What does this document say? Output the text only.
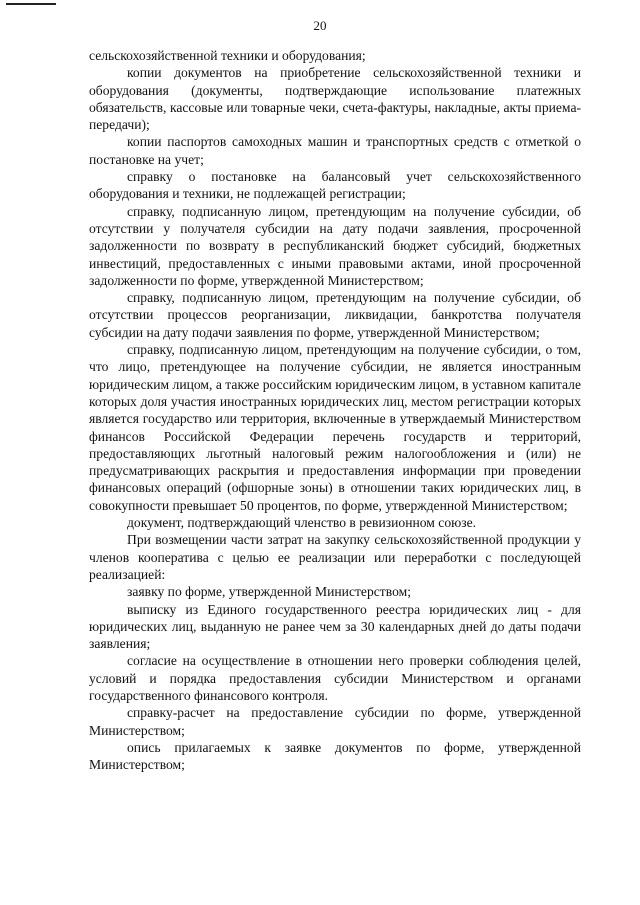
20

сельскохозяйственной техники и оборудования;

копии документов на приобретение сельскохозяйственной техники и оборудования (документы, подтверждающие использование платежных обязательств, кассовые или товарные чеки, счета-фактуры, накладные, акты приема-передачи);

копии паспортов самоходных машин и транспортных средств с отметкой о постановке на учет;

справку о постановке на балансовый учет сельскохозяйственного оборудования и техники, не подлежащей регистрации;

справку, подписанную лицом, претендующим на получение субсидии, об отсутствии у получателя субсидии на дату подачи заявления, просроченной задолженности по возврату в республиканский бюджет субсидий, бюджетных инвестиций, предоставленных с иными правовыми актами, иной просроченной задолженности по форме, утвержденной Министерством;

справку, подписанную лицом, претендующим на получение субсидии, об отсутствии процессов реорганизации, ликвидации, банкротства получателя субсидии на дату подачи заявления по форме, утвержденной Министерством;

справку, подписанную лицом, претендующим на получение субсидии, о том, что лицо, претендующее на получение субсидии, не является иностранным юридическим лицом, а также российским юридическим лицом, в уставном капитале которых доля участия иностранных юридических лиц, местом регистрации которых является государство или территория, включенные в утверждаемый Министерством финансов Российской Федерации перечень государств и территорий, предоставляющих льготный налоговый режим налогообложения и (или) не предусматривающих раскрытия и предоставления информации при проведении финансовых операций (офшорные зоны) в отношении таких юридических лиц, в совокупности превышает 50 процентов, по форме, утвержденной Министерством;

документ, подтверждающий членство в ревизионном союзе.

При возмещении части затрат на закупку сельскохозяйственной продукции у членов кооператива с целью ее реализации или переработки с последующей реализацией:

заявку по форме, утвержденной Министерством;

выписку из Единого государственного реестра юридических лиц - для юридических лиц, выданную не ранее чем за 30 календарных дней до даты подачи заявления;

согласие на осуществление в отношении него проверки соблюдения целей, условий и порядка предоставления субсидии Министерством и органами государственного финансового контроля.

справку-расчет на предоставление субсидии по форме, утвержденной Министерством;

опись прилагаемых к заявке документов по форме, утвержденной Министерством;
